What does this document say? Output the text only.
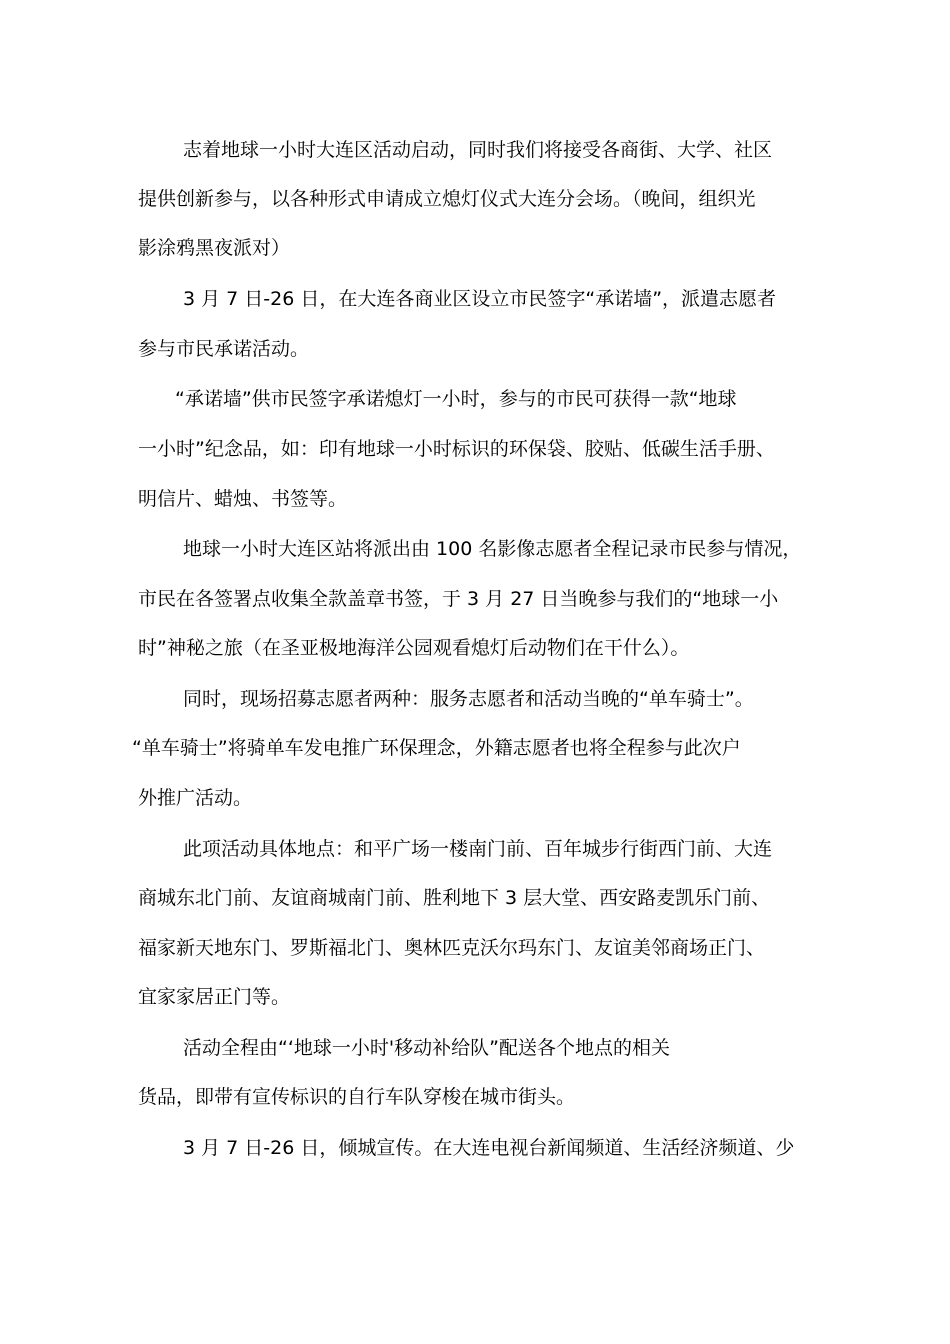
志着地球一小时大连区活动启动，同时我们将接受各商街、大学、社区
提供创新参与，以各种形式申请成立熄灯仪式大连分会场。（晚间，组织光
影涂鸦黑夜派对）
3 月 7 日-26 日，在大连各商业区设立市民签字“承诺墙”，派遣志愿者
参与市民承诺活动。
“承诺墙”供市民签字承诺熄灯一小时，参与的市民可获得一款“地球
一小时”纪念品，如：印有地球一小时标识的环保袋、胶贴、低碳生活手册、
明信片、蜡烛、书签等。
地球一小时大连区站将派出由 100 名影像志愿者全程记录市民参与情况，
市民在各签署点收集全款盖章书签，于 3 月 27 日当晚参与我们的“地球一小
时”神秘之旅（在圣亚极地海洋公园观看熄灯后动物们在干什么）。
同时，现场招募志愿者两种：服务志愿者和活动当晚的“单车骑士”。
“单车骑士”将骑单车发电推广环保理念，外籍志愿者也将全程参与此次户
外推广活动。
此项活动具体地点：和平广场一楼南门前、百年城步行街西门前、大连
商城东北门前、友谊商城南门前、胜利地下 3 层大堂、西安路麦凯乐门前、
福家新天地东门、罗斯福北门、奥林匹克沃尔玛东门、友谊美邻商场正门、
宜家家居正门等。
活动全程由“‘地球一小时'移动补给队”配送各个地点的相关
货品，即带有宣传标识的自行车队穿梭在城市街头。
3 月 7 日-26 日，倾城宣传。在大连电视台新闻频道、生活经济频道、少
